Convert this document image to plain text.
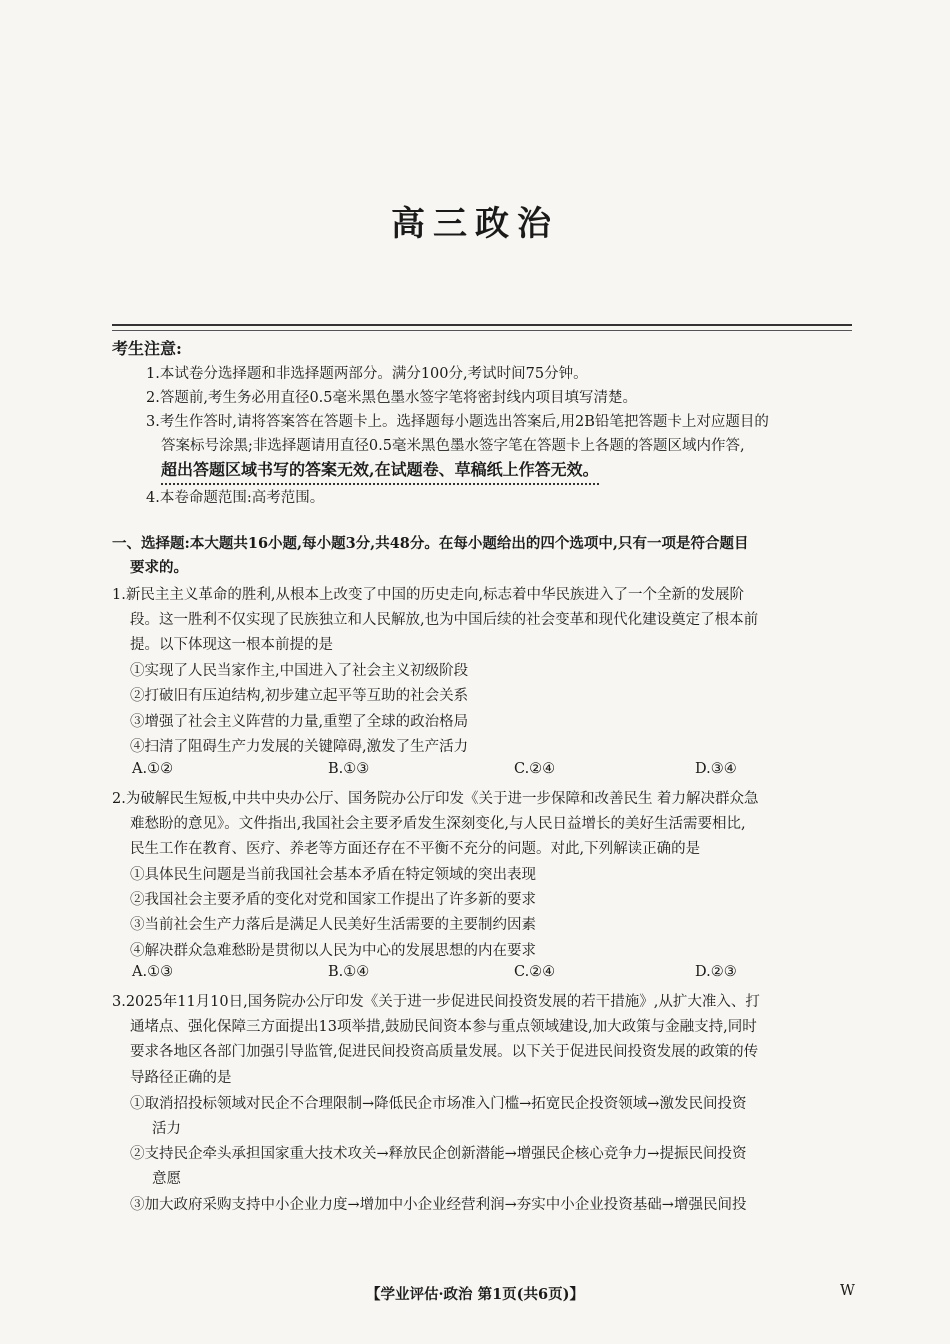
高三政治
考生注意:
1.本试卷分选择题和非选择题两部分。满分100分,考试时间75分钟。
2.答题前,考生务必用直径0.5毫米黑色墨水签字笔将密封线内项目填写清楚。
3.考生作答时,请将答案答在答题卡上。选择题每小题选出答案后,用2B铅笔把答题卡上对应题目的
答案标号涂黑;非选择题请用直径0.5毫米黑色墨水签字笔在答题卡上各题的答题区域内作答,
超出答题区域书写的答案无效,在试题卷、草稿纸上作答无效。
4.本卷命题范围:高考范围。
一、选择题:本大题共16小题,每小题3分,共48分。在每小题给出的四个选项中,只有一项是符合题目
要求的。
1.新民主主义革命的胜利,从根本上改变了中国的历史走向,标志着中华民族进入了一个全新的发展阶
段。这一胜利不仅实现了民族独立和人民解放,也为中国后续的社会变革和现代化建设奠定了根本前
提。以下体现这一根本前提的是
①实现了人民当家作主,中国进入了社会主义初级阶段
②打破旧有压迫结构,初步建立起平等互助的社会关系
③增强了社会主义阵营的力量,重塑了全球的政治格局
④扫清了阻碍生产力发展的关键障碍,激发了生产活力
A.①②	B.①③	C.②④	D.③④
2.为破解民生短板,中共中央办公厅、国务院办公厅印发《关于进一步保障和改善民生 着力解决群众急
难愁盼的意见》。文件指出,我国社会主要矛盾发生深刻变化,与人民日益增长的美好生活需要相比,
民生工作在教育、医疗、养老等方面还存在不平衡不充分的问题。对此,下列解读正确的是
①具体民生问题是当前我国社会基本矛盾在特定领域的突出表现
②我国社会主要矛盾的变化对党和国家工作提出了许多新的要求
③当前社会生产力落后是满足人民美好生活需要的主要制约因素
④解决群众急难愁盼是贯彻以人民为中心的发展思想的内在要求
A.①③	B.①④	C.②④	D.②③
3.2025年11月10日,国务院办公厅印发《关于进一步促进民间投资发展的若干措施》,从扩大准入、打
通堵点、强化保障三方面提出13项举措,鼓励民间资本参与重点领域建设,加大政策与金融支持,同时
要求各地区各部门加强引导监管,促进民间投资高质量发展。以下关于促进民间投资发展的政策的传
导路径正确的是
①取消招投标领域对民企不合理限制→降低民企市场准入门槛→拓宽民企投资领域→激发民间投资
活力
②支持民企牵头承担国家重大技术攻关→释放民企创新潜能→增强民企核心竞争力→提振民间投资
意愿
③加大政府采购支持中小企业力度→增加中小企业经营利润→夯实中小企业投资基础→增强民间投
【学业评估·政治 第1页(共6页)】	W
